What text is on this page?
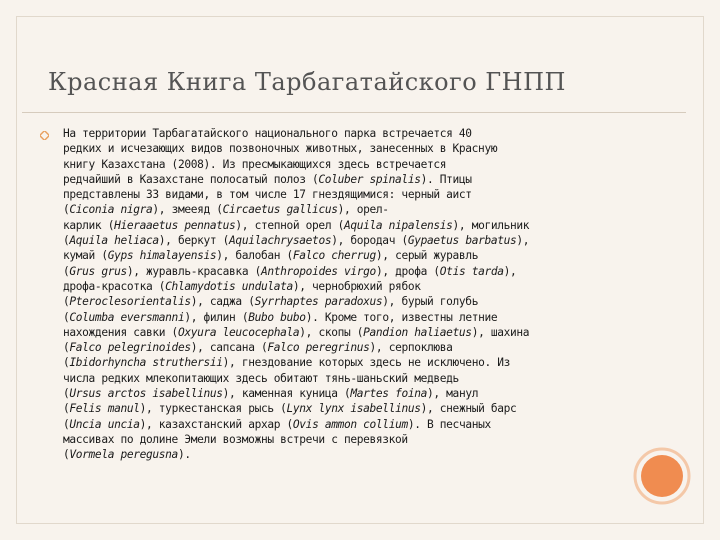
Красная Книга Тарбагатайского ГНПП
На территории Тарбагатайского национального парка встречается 40
редких и исчезающих видов позвоночных животных, занесенных в Красную
книгу Казахстана (2008). Из пресмыкающихся здесь встречается
редчайший в Казахстане полосатый полоз (Coluber spinalis). Птицы
представлены 33 видами, в том числе 17 гнездящимися: черный аист
(Ciconia nigra), змееяд (Circaetus gallicus), орел-
карлик (Hieraaetus pennatus), степной орел (Aquila nipalensis), могильник
(Aquila heliaca), беркут (Aquilachrysaetos), бородач (Gypaetus barbatus),
кумай (Gyps himalayensis), балобан (Falco cherrug), серый журавль
(Grus grus), журавль-красавка (Anthropoides virgo), дрофа (Otis tarda),
дрофа-красотка (Chlamydotis undulata), чернобрюхий рябок
(Pteroclesorientalis), саджа (Syrrhaptes paradoxus), бурый голубь
(Columba eversmanni), филин (Bubo bubo). Кроме того, известны летние
нахождения савки (Oxyura leucocephala), скопы (Pandion haliaetus), шахина
(Falco pelegrinoides), сапсана (Falco peregrinus), серпоклюва
(Ibidorhyncha struthersii), гнездование которых здесь не исключено. Из
числа редких млекопитающих здесь обитают тянь-шаньский медведь
(Ursus arctos isabellinus), каменная куница (Martes foina), манул
(Felis manul), туркестанская рысь (Lynx lynx isabellinus), снежный барс
(Uncia uncia), казахстанский архар (Ovis ammon collium). В песчаных
массивах по долине Эмели возможны встречи с перевязкой
(Vormela peregusna).
